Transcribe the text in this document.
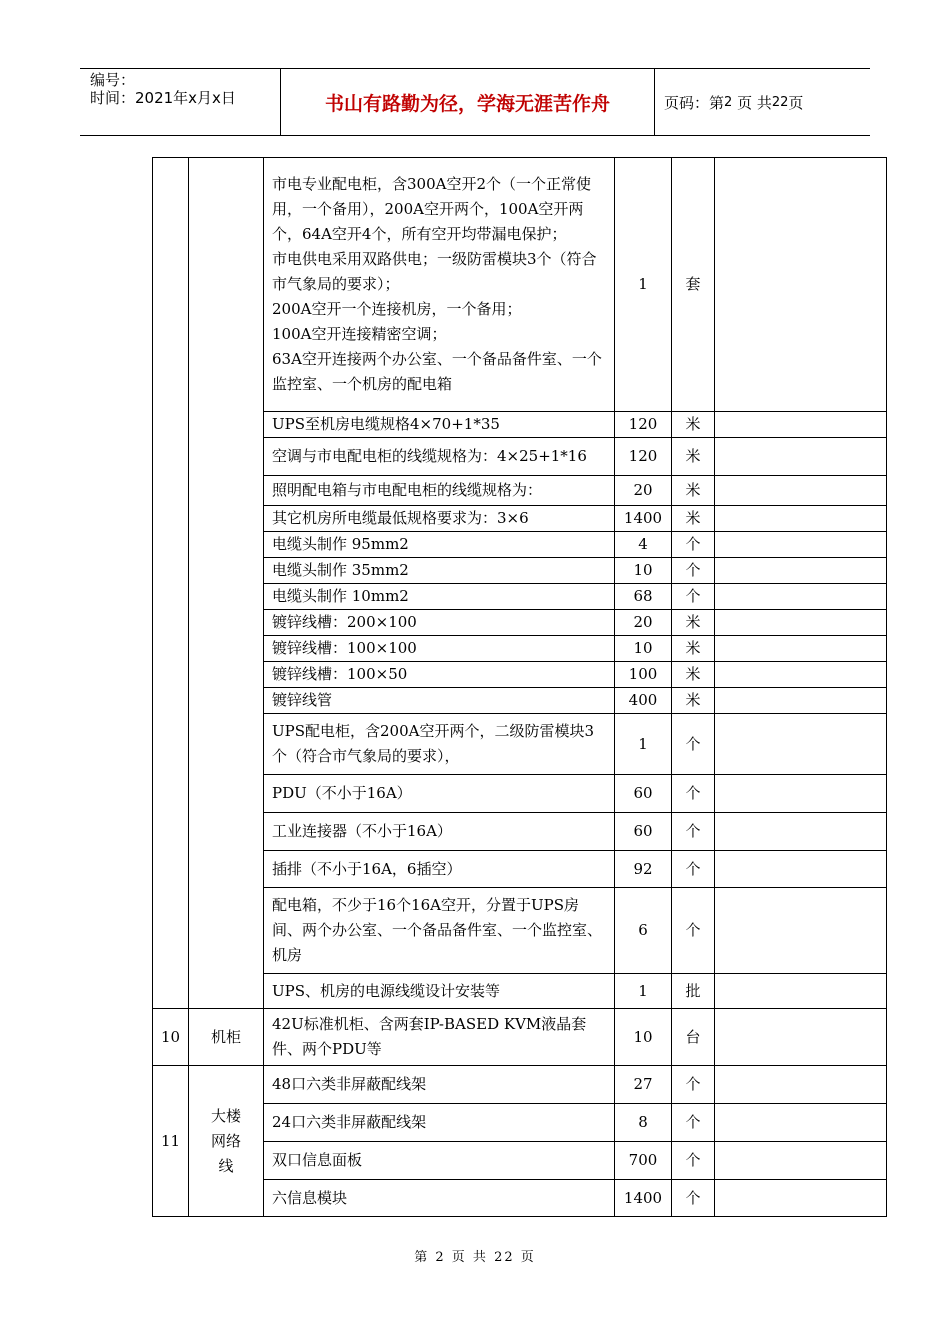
编号：
时间：2021年x月x日	书山有路勤为径，学海无涯苦作舟	页码：第 2
页 共 22 页
		市电专业配电柜，含300A空开2个（一个正常使用，一个备用），200A空开两个，100A空开两个，64A空开4个，所有空开均带漏电保护；
市电供电采用双路供电；一级防雷模块3个（符合市气象局的要求）；
200A空开一个连接机房，一个备用；
100A空开连接精密空调；
63A空开连接两个办公室、一个备品备件室、一个监控室、一个机房的配电箱	1	套	
		UPS至机房电缆规格4×70+1*35	120	米	
		空调与市电配电柜的线缆规格为：4×25+1*16	120	米	
		照明配电箱与市电配电柜的线缆规格为：	20	米	
		其它机房所电缆最低规格要求为：3×6	1400	米	
		电缆头制作 95mm2	4	个	
		电缆头制作 35mm2	10	个	
		电缆头制作 10mm2	68	个	
		镀锌线槽：200×100	20	米	
		镀锌线槽：100×100	10	米	
		镀锌线槽：100×50	100	米	
		镀锌线管	400	米	
		UPS配电柜，含200A空开两个，二级防雷模块3个（符合市气象局的要求），	1	个	
		PDU（不小于16A）	60	个	
		工业连接器（不小于16A）	60	个	
		插排（不小于16A，6插空）	92	个	
		配电箱，不少于16个16A空开，分置于UPS房间、两个办公室、一个备品备件室、一个监控室、机房	6	个	
		UPS、机房的电源线缆设计安装等	1	批	
10	机柜	42U标准机柜、含两套IP-BASED KVM液晶套件、两个PDU等	10	台	
11	大楼
网络
线	48口六类非屏蔽配线架	27	个	
		24口六类非屏蔽配线架	8	个	
		双口信息面板	700	个	
		六信息模块	1400	个	
第 2 页 共 22 页
